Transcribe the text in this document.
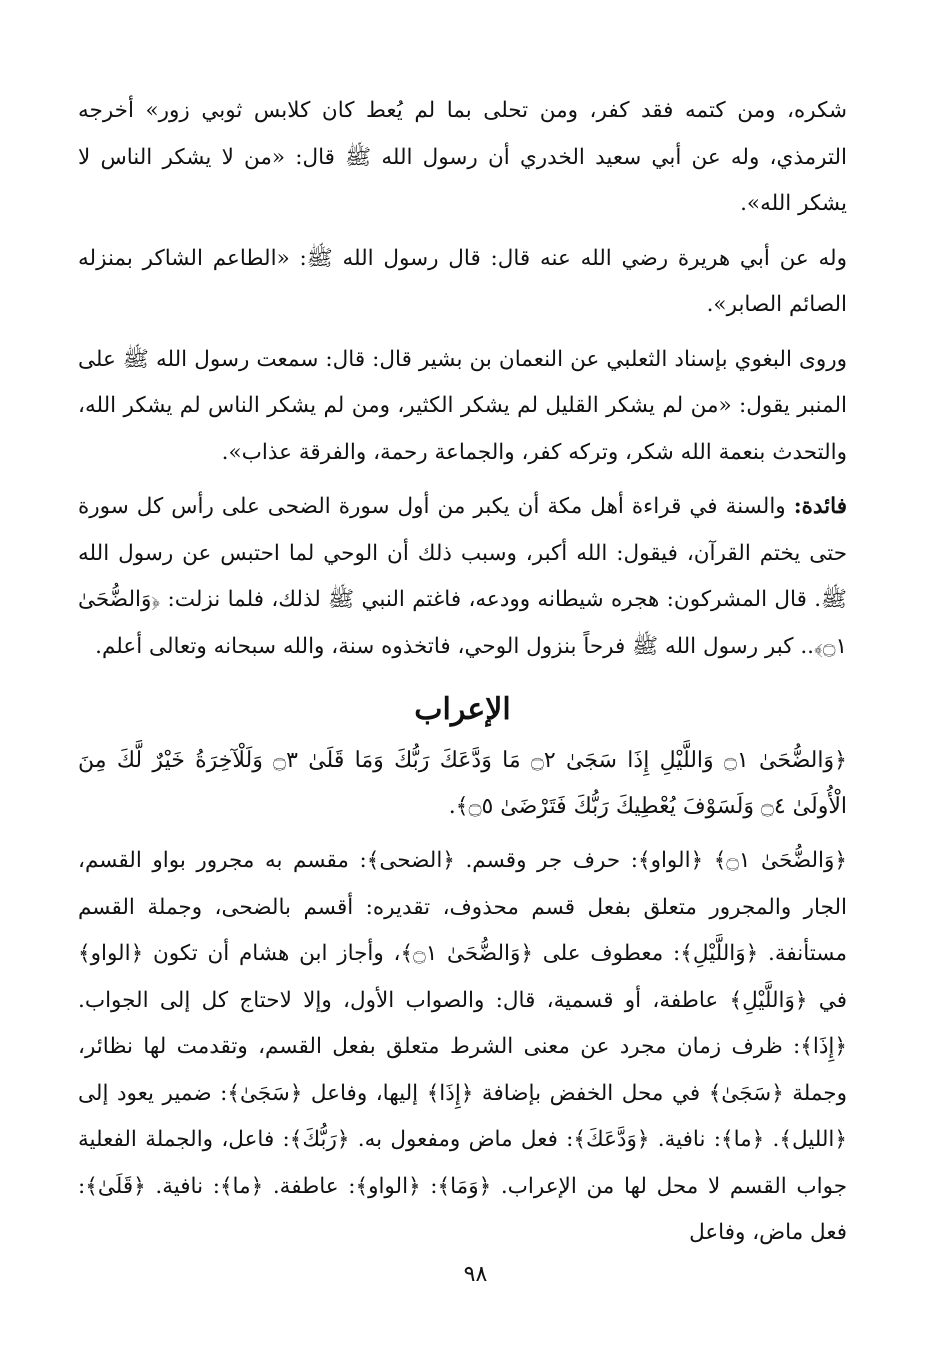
شكره، ومن كتمه فقد كفر، ومن تحلى بما لم يُعط كان كلابس ثوبي زور» أخرجه الترمذي، وله عن أبي سعيد الخدري أن رسول الله ﷺ قال: «من لا يشكر الناس لا يشكر الله».

وله عن أبي هريرة رضي الله عنه قال: قال رسول الله ﷺ: «الطاعم الشاكر بمنزله الصائم الصابر».

وروى البغوي بإسناد الثعلبي عن النعمان بن بشير قال: قال: سمعت رسول الله ﷺ على المنبر يقول: «من لم يشكر القليل لم يشكر الكثير، ومن لم يشكر الناس لم يشكر الله، والتحدث بنعمة الله شكر، وتركه كفر، والجماعة رحمة، والفرقة عذاب».

فائدة: والسنة في قراءة أهل مكة أن يكبر من أول سورة الضحى على رأس كل سورة حتى يختم القرآن، فيقول: الله أكبر، وسبب ذلك أن الوحي لما احتبس عن رسول الله ﷺ. قال المشركون: هجره شيطانه وودعه، فاغتم النبي ﷺ لذلك، فلما نزلت: ﴿وَالضُّحَىٰ ۝١﴾.. كبر رسول الله ﷺ فرحاً بنزول الوحي، فاتخذوه سنة، والله سبحانه وتعالى أعلم.

الإعراب

﴿وَالضُّحَىٰ ۝١ وَاللَّيْلِ إِذَا سَجَىٰ ۝٢ مَا وَدَّعَكَ رَبُّكَ وَمَا قَلَىٰ ۝٣ وَلَلْآخِرَةُ خَيْرٌ لَّكَ مِنَ الْأُولَىٰ ۝٤ وَلَسَوْفَ يُعْطِيكَ رَبُّكَ فَتَرْضَىٰ ۝٥﴾.

﴿وَالضُّحَىٰ ۝١﴾ ﴿الواو﴾: حرف جر وقسم. ﴿الضحى﴾: مقسم به مجرور بواو القسم، الجار والمجرور متعلق بفعل قسم محذوف، تقديره: أقسم بالضحى، وجملة القسم مستأنفة. ﴿وَاللَّيْلِ﴾: معطوف على ﴿وَالضُّحَىٰ ۝١﴾، وأجاز ابن هشام أن تكون ﴿الواو﴾ في ﴿وَاللَّيْلِ﴾ عاطفة، أو قسمية، قال: والصواب الأول، وإلا لاحتاج كل إلى الجواب. ﴿إِذَا﴾: ظرف زمان مجرد عن معنى الشرط متعلق بفعل القسم، وتقدمت لها نظائر، وجملة ﴿سَجَىٰ﴾ في محل الخفض بإضافة ﴿إِذَا﴾ إليها، وفاعل ﴿سَجَىٰ﴾: ضمير يعود إلى ﴿الليل﴾. ﴿ما﴾: نافية. ﴿وَدَّعَكَ﴾: فعل ماض ومفعول به. ﴿رَبُّكَ﴾: فاعل، والجملة الفعلية جواب القسم لا محل لها من الإعراب. ﴿وَمَا﴾: ﴿الواو﴾: عاطفة. ﴿ما﴾: نافية. ﴿قَلَىٰ﴾: فعل ماض، وفاعل

٩٨
